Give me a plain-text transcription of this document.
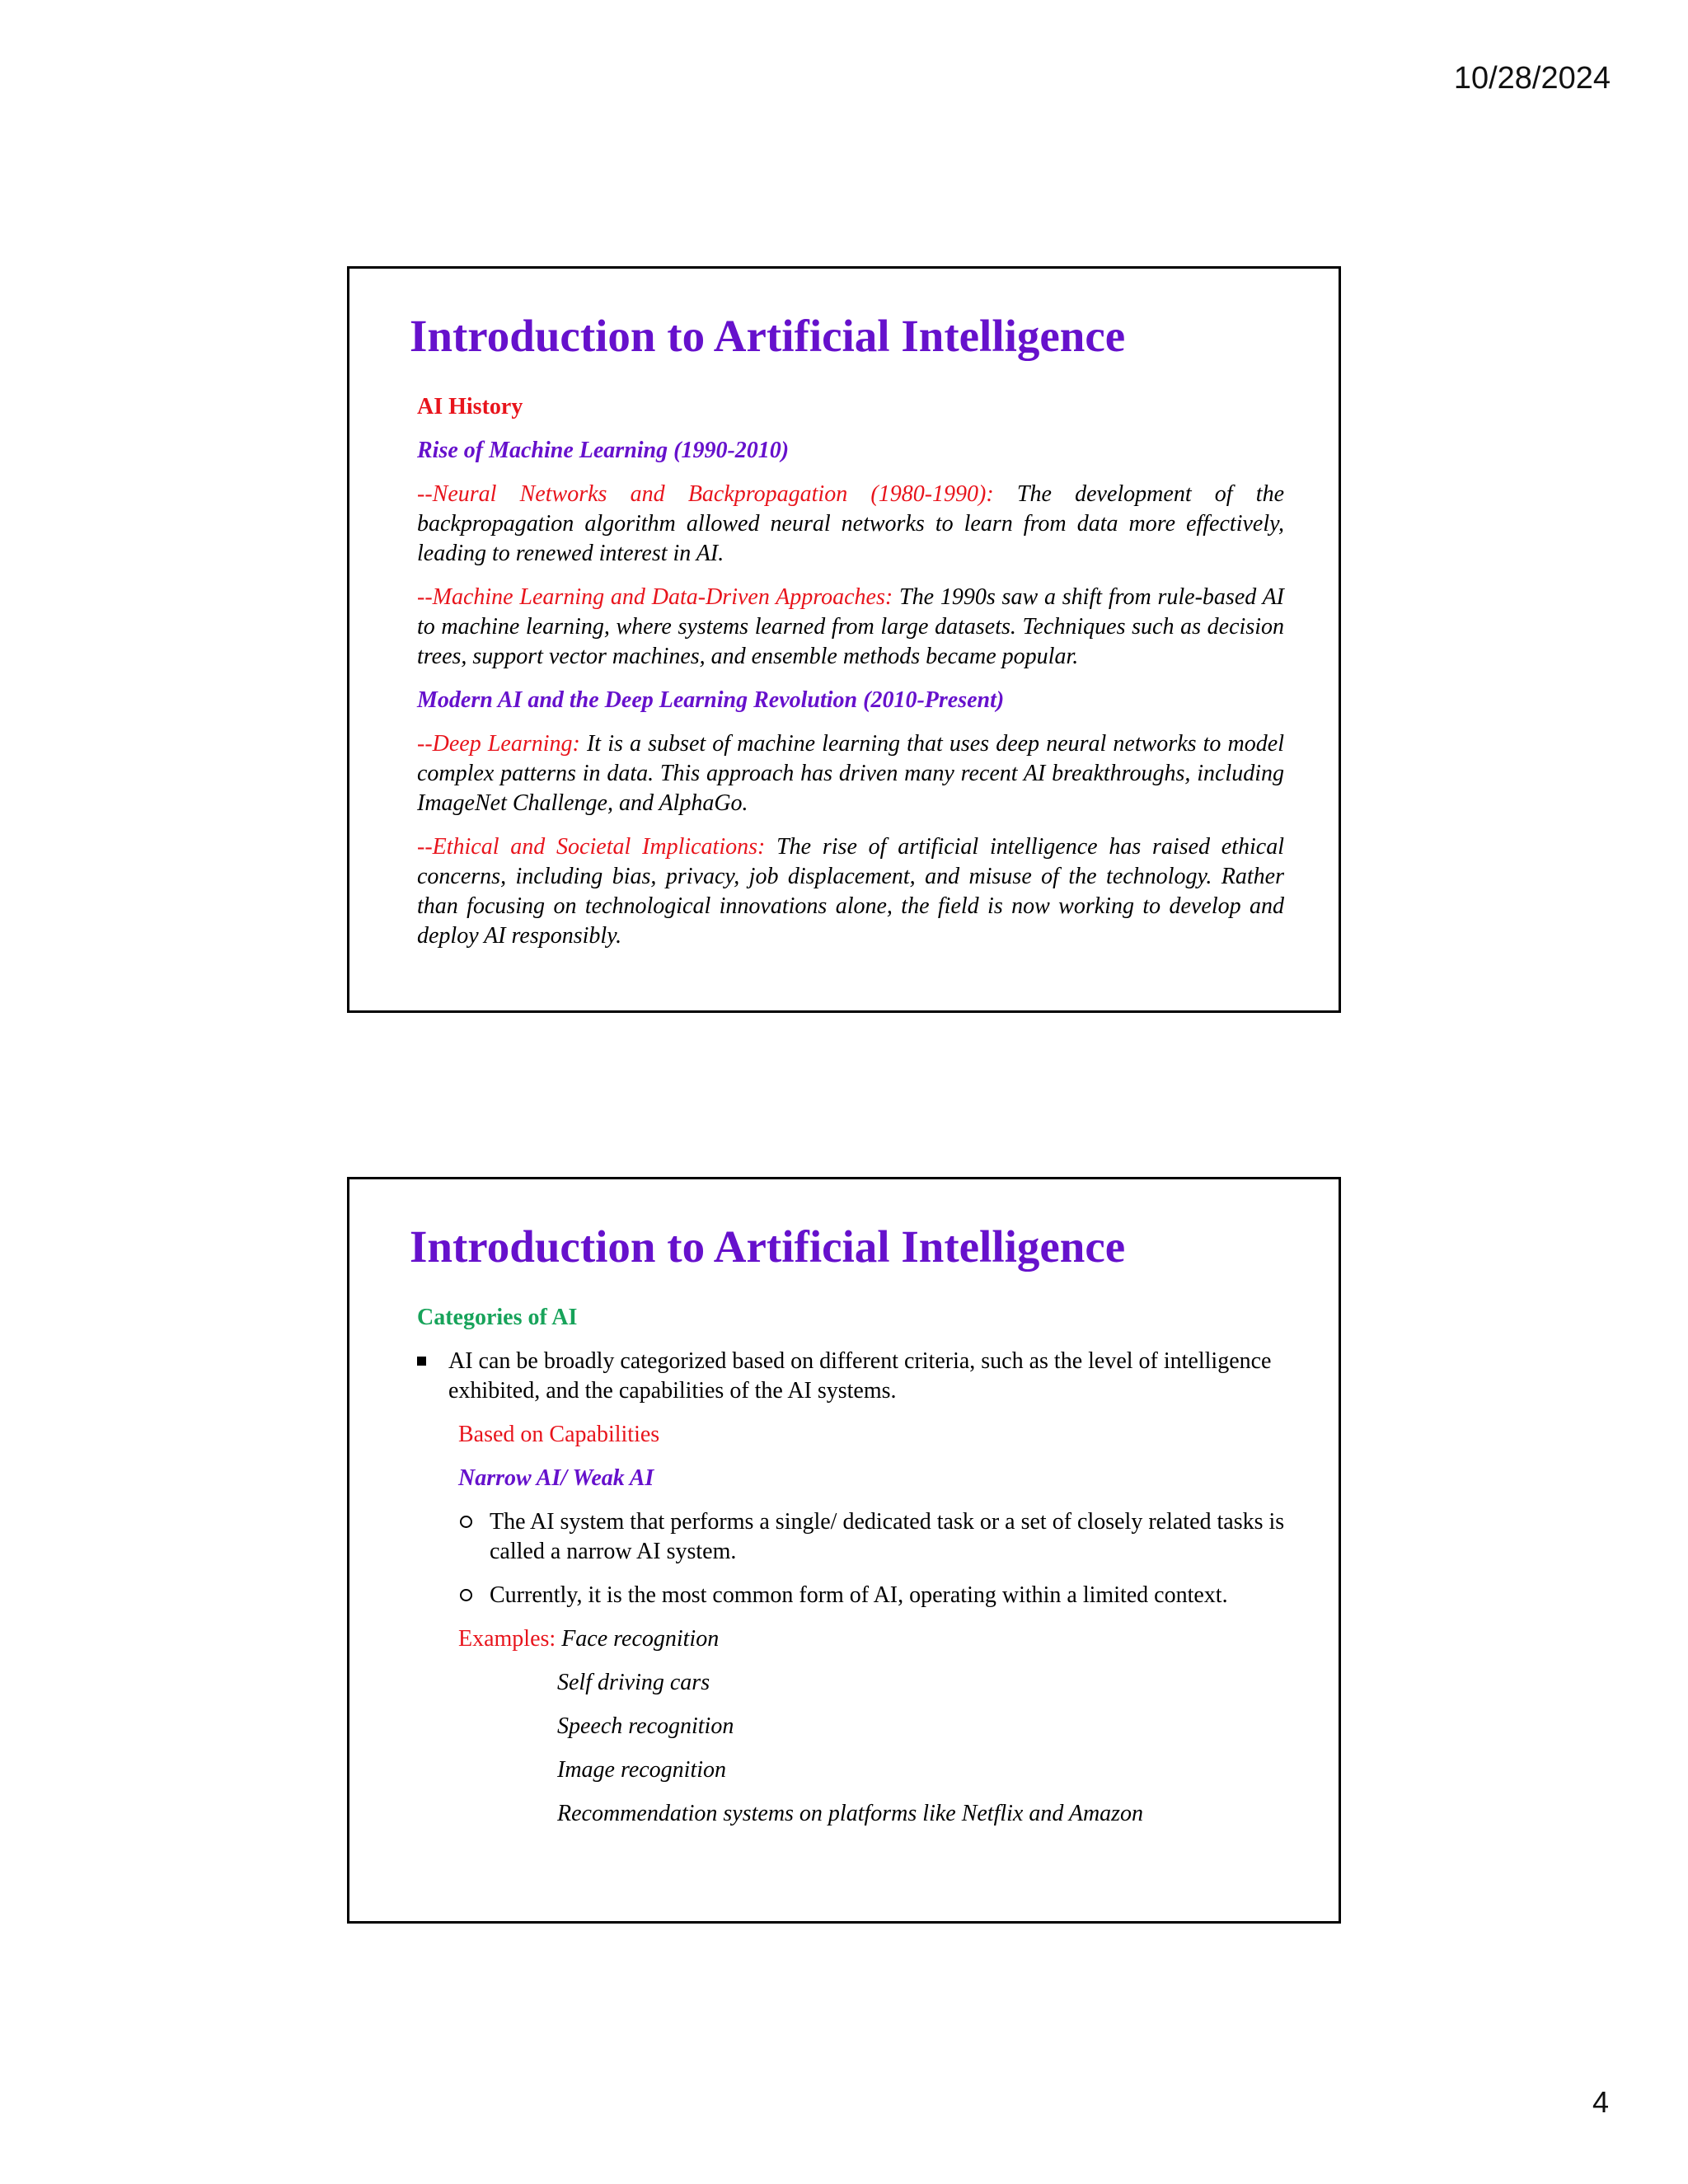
10/28/2024
Introduction to Artificial Intelligence

AI History

Rise of Machine Learning (1990-2010)

--Neural Networks and Backpropagation (1980-1990): The development of the backpropagation algorithm allowed neural networks to learn from data more effectively, leading to renewed interest in AI.

--Machine Learning and Data-Driven Approaches: The 1990s saw a shift from rule-based AI to machine learning, where systems learned from large datasets. Techniques such as decision trees, support vector machines, and ensemble methods became popular.

Modern AI and the Deep Learning Revolution (2010-Present)

--Deep Learning: It is a subset of machine learning that uses deep neural networks to model complex patterns in data. This approach has driven many recent AI breakthroughs, including ImageNet Challenge, and AlphaGo.

--Ethical and Societal Implications: The rise of artificial intelligence has raised ethical concerns, including bias, privacy, job displacement, and misuse of the technology. Rather than focusing on technological innovations alone, the field is now working to develop and deploy AI responsibly.

Introduction to Artificial Intelligence
Categories of AI
AI can be broadly categorized based on different criteria, such as the level of intelligence exhibited, and the capabilities of the AI systems.
Based on Capabilities
Narrow AI/ Weak AI
The AI system that performs a single/ dedicated task or a set of closely related tasks is called a narrow AI system.
Currently, it is the most common form of AI, operating within a limited context.
Examples: Face recognition
Self driving cars
Speech recognition
Image recognition
Recommendation systems on platforms like Netflix and Amazon
4
